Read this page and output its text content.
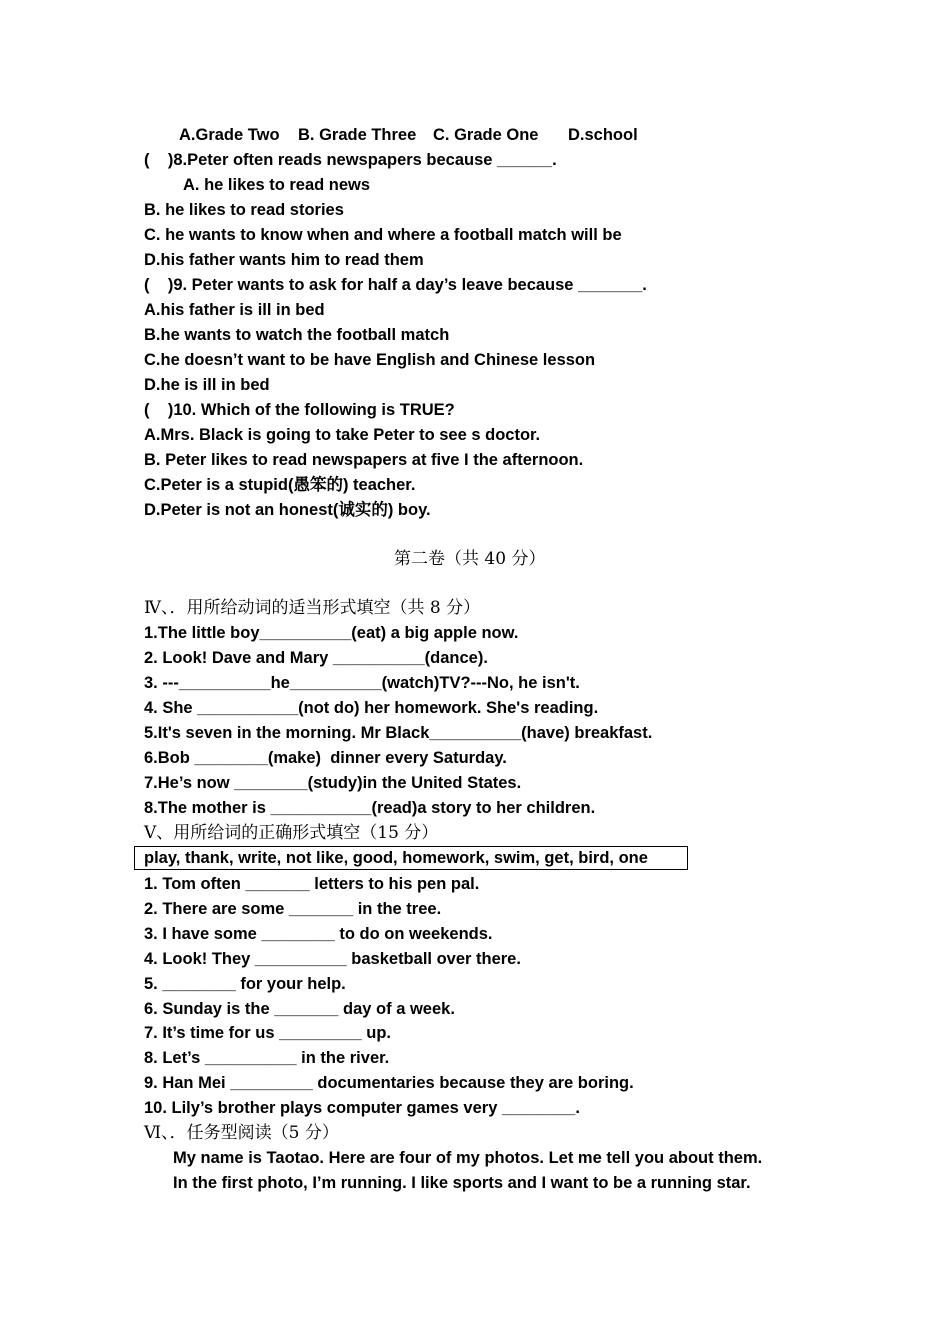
A.Grade Two B. Grade Three C. Grade One D.school
(    )8.Peter often reads newspapers because ______.
A. he likes to read news
B. he likes to read stories
C. he wants to know when and where a football match will be
D.his father wants him to read them
(    )9. Peter wants to ask for half a day’s leave because _______.
A.his father is ill in bed
B.he wants to watch the football match
C.he doesn’t want to be have English and Chinese lesson
D.he is ill in bed
(    )10. Which of the following is TRUE?
A.Mrs. Black is going to take Peter to see s doctor.
B. Peter likes to read newspapers at five I the afternoon.
C.Peter is a stupid(愚笨的) teacher.
D.Peter is not an honest(诚实的) boy.
第二卷（共 40 分）
Ⅳ、．用所给动词的适当形式填空（共 8 分）
1.The little boy__________(eat) a big apple now.
2. Look! Dave and Mary __________(dance).
3. ---__________he__________(watch)TV?---No, he isn't.
4. She ___________(not do) her homework. She's reading.
5.It's seven in the morning. Mr Black__________(have) breakfast.
6.Bob ________(make)  dinner every Saturday.
7.He’s now ________(study)in the United States.
8.The mother is ___________(read)a story to her children.
Ⅴ、用所给词的正确形式填空（15 分）
play, thank, write, not like, good, homework, swim, get, bird, one
1. Tom often _______ letters to his pen pal.
2. There are some _______ in the tree.
3. I have some ________ to do on weekends.
4. Look! They __________ basketball over there.
5. ________ for your help.
6. Sunday is the _______ day of a week.
7. It’s time for us _________ up.
8. Let’s __________ in the river.
9. Han Mei _________ documentaries because they are boring.
10. Lily’s brother plays computer games very ________.
Ⅵ、．任务型阅读（5 分）
My name is Taotao. Here are four of my photos. Let me tell you about them.
In the first photo, I’m running. I like sports and I want to be a running star.
